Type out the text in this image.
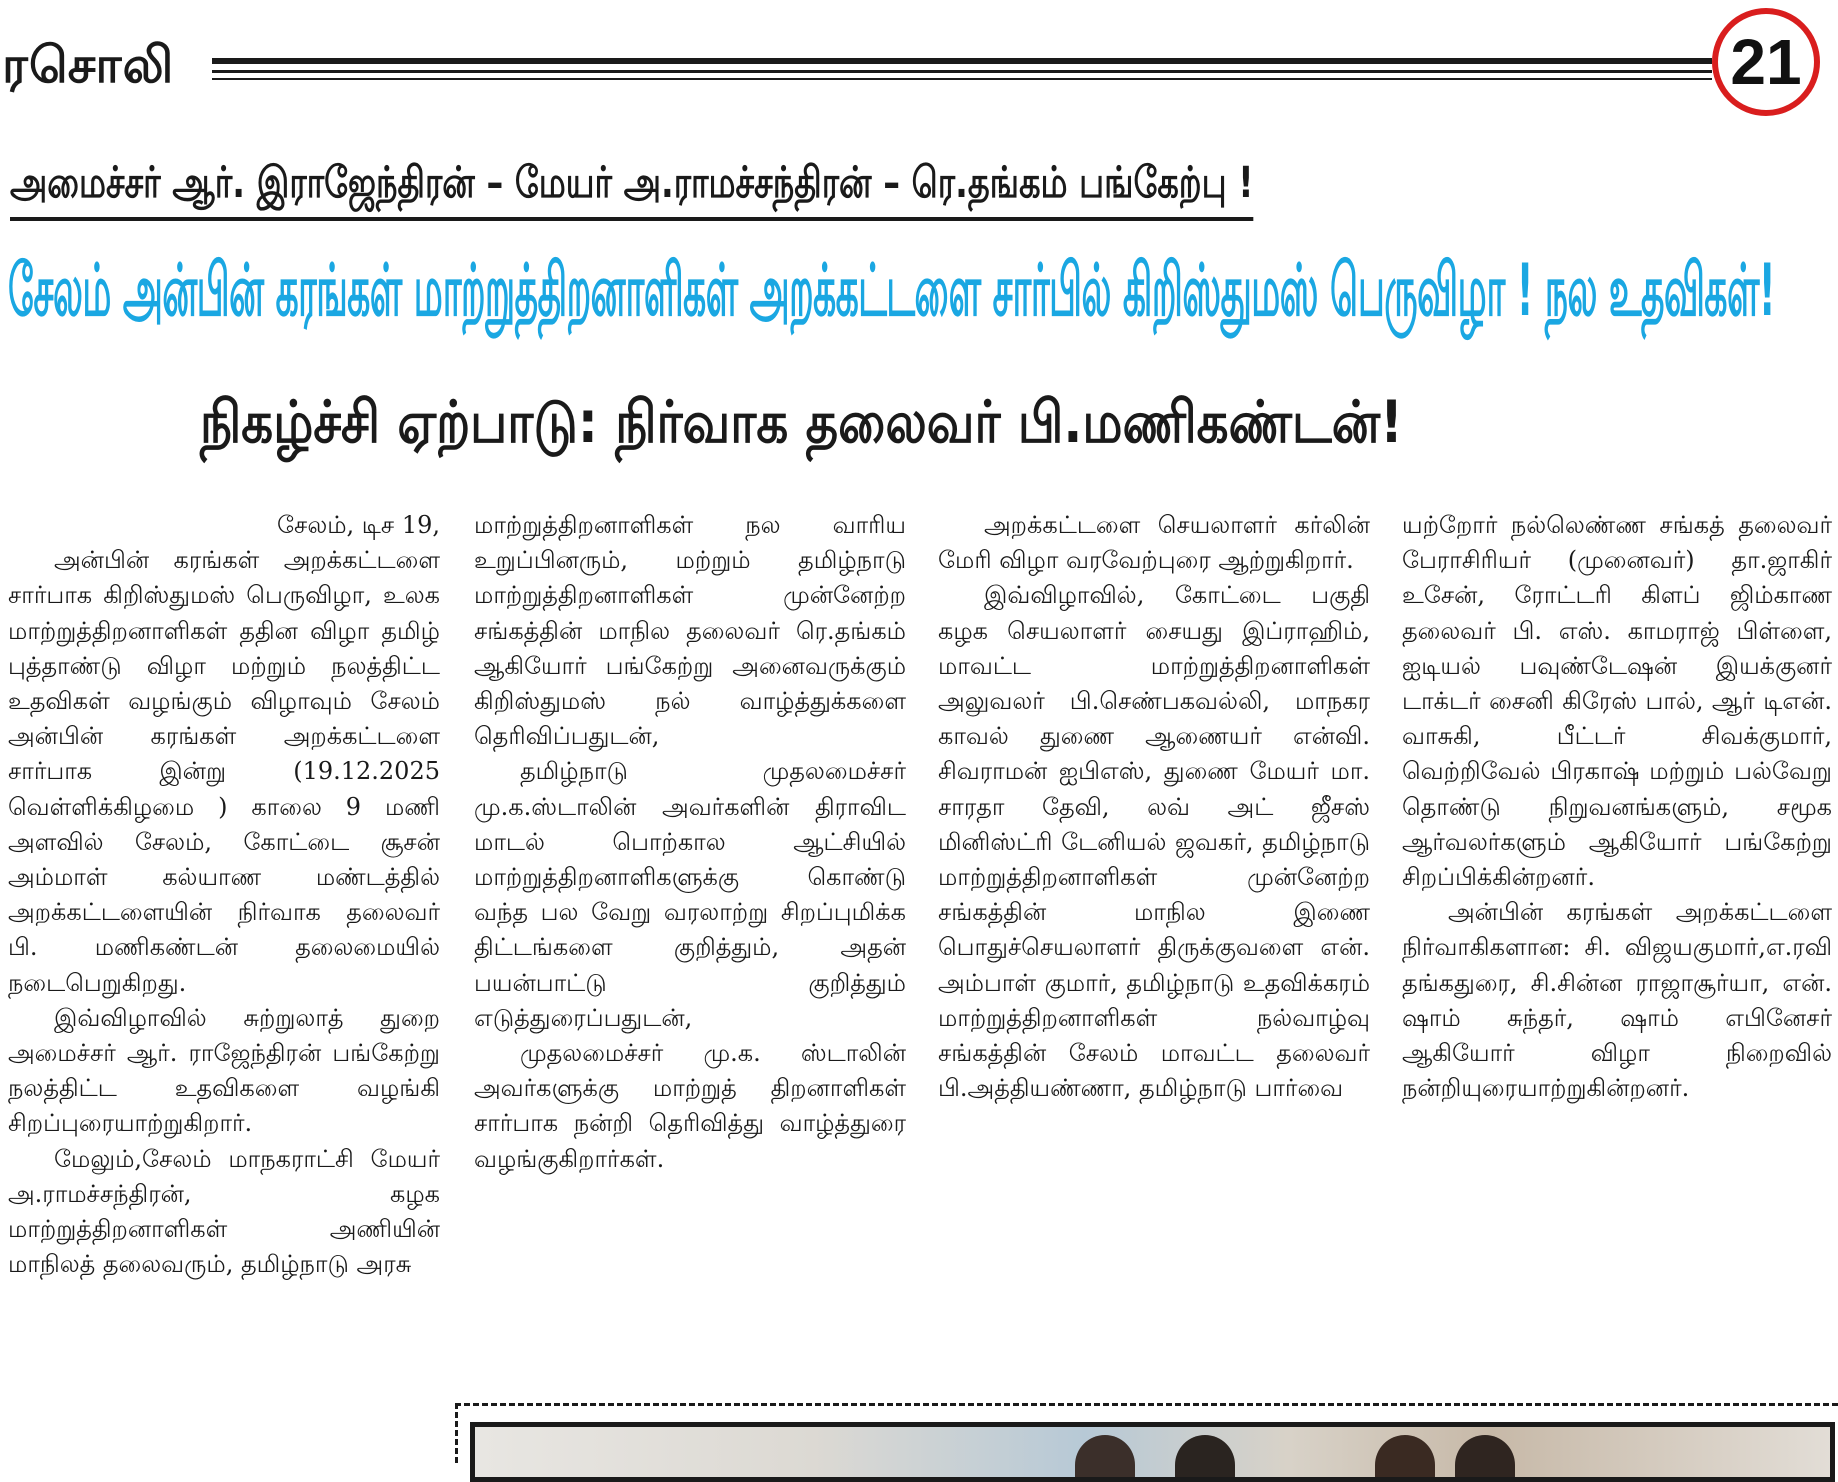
ரசொலி	21
அமைச்சர் ஆர். இராஜேந்திரன் – மேயர் அ.ராமச்சந்திரன் – ரெ.தங்கம் பங்கேற்பு !
சேலம் அன்பின் கரங்கள் மாற்றுத்திறனாளிகள் அறக்கட்டளை சார்பில் கிறிஸ்துமஸ் பெருவிழா ! நல உதவிகள்!
நிகழ்ச்சி ஏற்பாடு: நிர்வாக தலைவர் பி.மணிகண்டன்!

சேலம், டிச 19,

அன்பின் கரங்கள் அறக்கட்டளை சார்பாக கிறிஸ்துமஸ் பெருவிழா, உலக மாற்றுத்திறனாளிகள் ததின விழா தமிழ் புத்தாண்டு விழா மற்றும் நலத்திட்ட உதவிகள் வழங்கும் விழாவும் சேலம் அன்பின் கரங்கள் அறக்கட்டளை சார்பாக இன்று (19.12.2025 வெள்ளிக்கிழமை ) காலை 9 மணி அளவில் சேலம், கோட்டை சூசன் அம்மாள் கல்யாண மண்டத்தில் அறக்கட்டளையின் நிர்வாக தலைவர் பி. மணிகண்டன் தலைமையில் நடைபெறுகிறது.

இவ்விழாவில் சுற்றுலாத் துறை அமைச்சர் ஆர். ராஜேந்திரன் பங்கேற்று நலத்திட்ட உதவிகளை வழங்கி சிறப்புரையாற்றுகிறார்.

மேலும்,சேலம் மாநகராட்சி மேயர் அ.ராமச்சந்திரன், கழக மாற்றுத்திறனாளிகள் அணியின் மாநிலத் தலைவரும், தமிழ்நாடு அரசு

மாற்றுத்திறனாளிகள் நல வாரிய உறுப்பினரும், மற்றும் தமிழ்நாடு மாற்றுத்திறனாளிகள் முன்னேற்ற சங்கத்தின் மாநில தலைவர் ரெ.தங்கம் ஆகியோர் பங்கேற்று அனைவருக்கும் கிறிஸ்துமஸ் நல் வாழ்த்துக்களை தெரிவிப்பதுடன்,

தமிழ்நாடு முதலமைச்சர் மு.க.ஸ்டாலின் அவர்களின் திராவிட மாடல் பொற்கால ஆட்சியில் மாற்றுத்திறனாளிகளுக்கு கொண்டு வந்த பல வேறு வரலாற்று சிறப்புமிக்க திட்டங்களை குறித்தும், அதன் பயன்பாட்டு குறித்தும் எடுத்துரைப்பதுடன்,

முதலமைச்சர் மு.க. ஸ்டாலின் அவர்களுக்கு மாற்றுத் திறனாளிகள் சார்பாக நன்றி தெரிவித்து வாழ்த்துரை வழங்குகிறார்கள்.

அறக்கட்டளை செயலாளர் கர்லின் மேரி விழா வரவேற்புரை ஆற்றுகிறார்.

இவ்விழாவில், கோட்டை பகுதி கழக செயலாளர் சையது இப்ராஹிம், மாவட்ட மாற்றுத்திறனாளிகள் அலுவலர் பி.செண்பகவல்லி, மாநகர காவல் துணை ஆணையர் என்வி. சிவராமன் ஐபிஎஸ், துணை மேயர் மா. சாரதா தேவி, லவ் அட் ஜீசஸ் மினிஸ்ட்ரி டேனியல் ஜவகர், தமிழ்நாடு மாற்றுத்திறனாளிகள் முன்னேற்ற சங்கத்தின் மாநில இணை பொதுச்செயலாளர் திருக்குவளை என். அம்பாள் குமார், தமிழ்நாடு உதவிக்கரம் மாற்றுத்திறனாளிகள் நல்வாழ்வு சங்கத்தின் சேலம் மாவட்ட தலைவர் பி.அத்தியண்ணா, தமிழ்நாடு பார்வை

யற்றோர் நல்லெண்ண சங்கத் தலைவர் பேராசிரியர் (முனைவர்) தா.ஜாகிர் உசேன், ரோட்டரி கிளப் ஜிம்காண தலைவர் பி. எஸ். காமராஜ் பிள்ளை, ஐடியல் பவுண்டேஷன் இயக்குனர் டாக்டர் சைனி கிரேஸ் பால், ஆர் டிஎன். வாசுகி, பீட்டர் சிவக்குமார், வெற்றிவேல் பிரகாஷ் மற்றும் பல்வேறு தொண்டு நிறுவனங்களும், சமூக ஆர்வலர்களும் ஆகியோர் பங்கேற்று சிறப்பிக்கின்றனர்.

அன்பின் கரங்கள் அறக்கட்டளை நிர்வாகிகளான: சி. விஜயகுமார்,எ.ரவி தங்கதுரை, சி.சின்ன ராஜாசூர்யா, என். ஷாம் சுந்தர், ஷாம் எபினேசர் ஆகியோர் விழா நிறைவில் நன்றியுரையாற்றுகின்றனர்.
